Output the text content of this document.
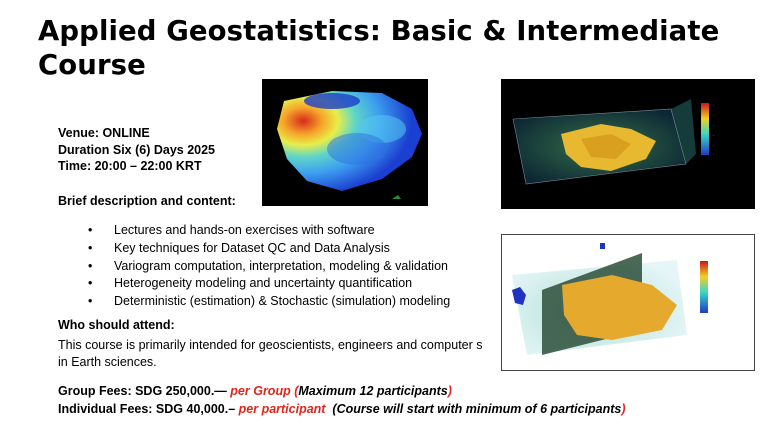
Applied Geostatistics: Basic & Intermediate Course
Venue: ONLINE
Duration Six (6) Days 2025
Time: 20:00 – 22:00 KRT
Brief description and content:
• Lectures and hands-on exercises with software
• Key techniques for Dataset QC and Data Analysis
• Variogram computation, interpretation, modeling & validation
• Heterogeneity modeling and uncertainty quantification
• Deterministic (estimation) & Stochastic (simulation) modeling
Who should attend:
This course is primarily intended for geoscientists, engineers and computer s
in Earth sciences.
Group Fees: SDG 250,000.— per Group (Maximum 12 participants)
Individual Fees: SDG 40,000.– per participant (Course will start with minimum of 6 participants)
-
-
-
-
-
-
